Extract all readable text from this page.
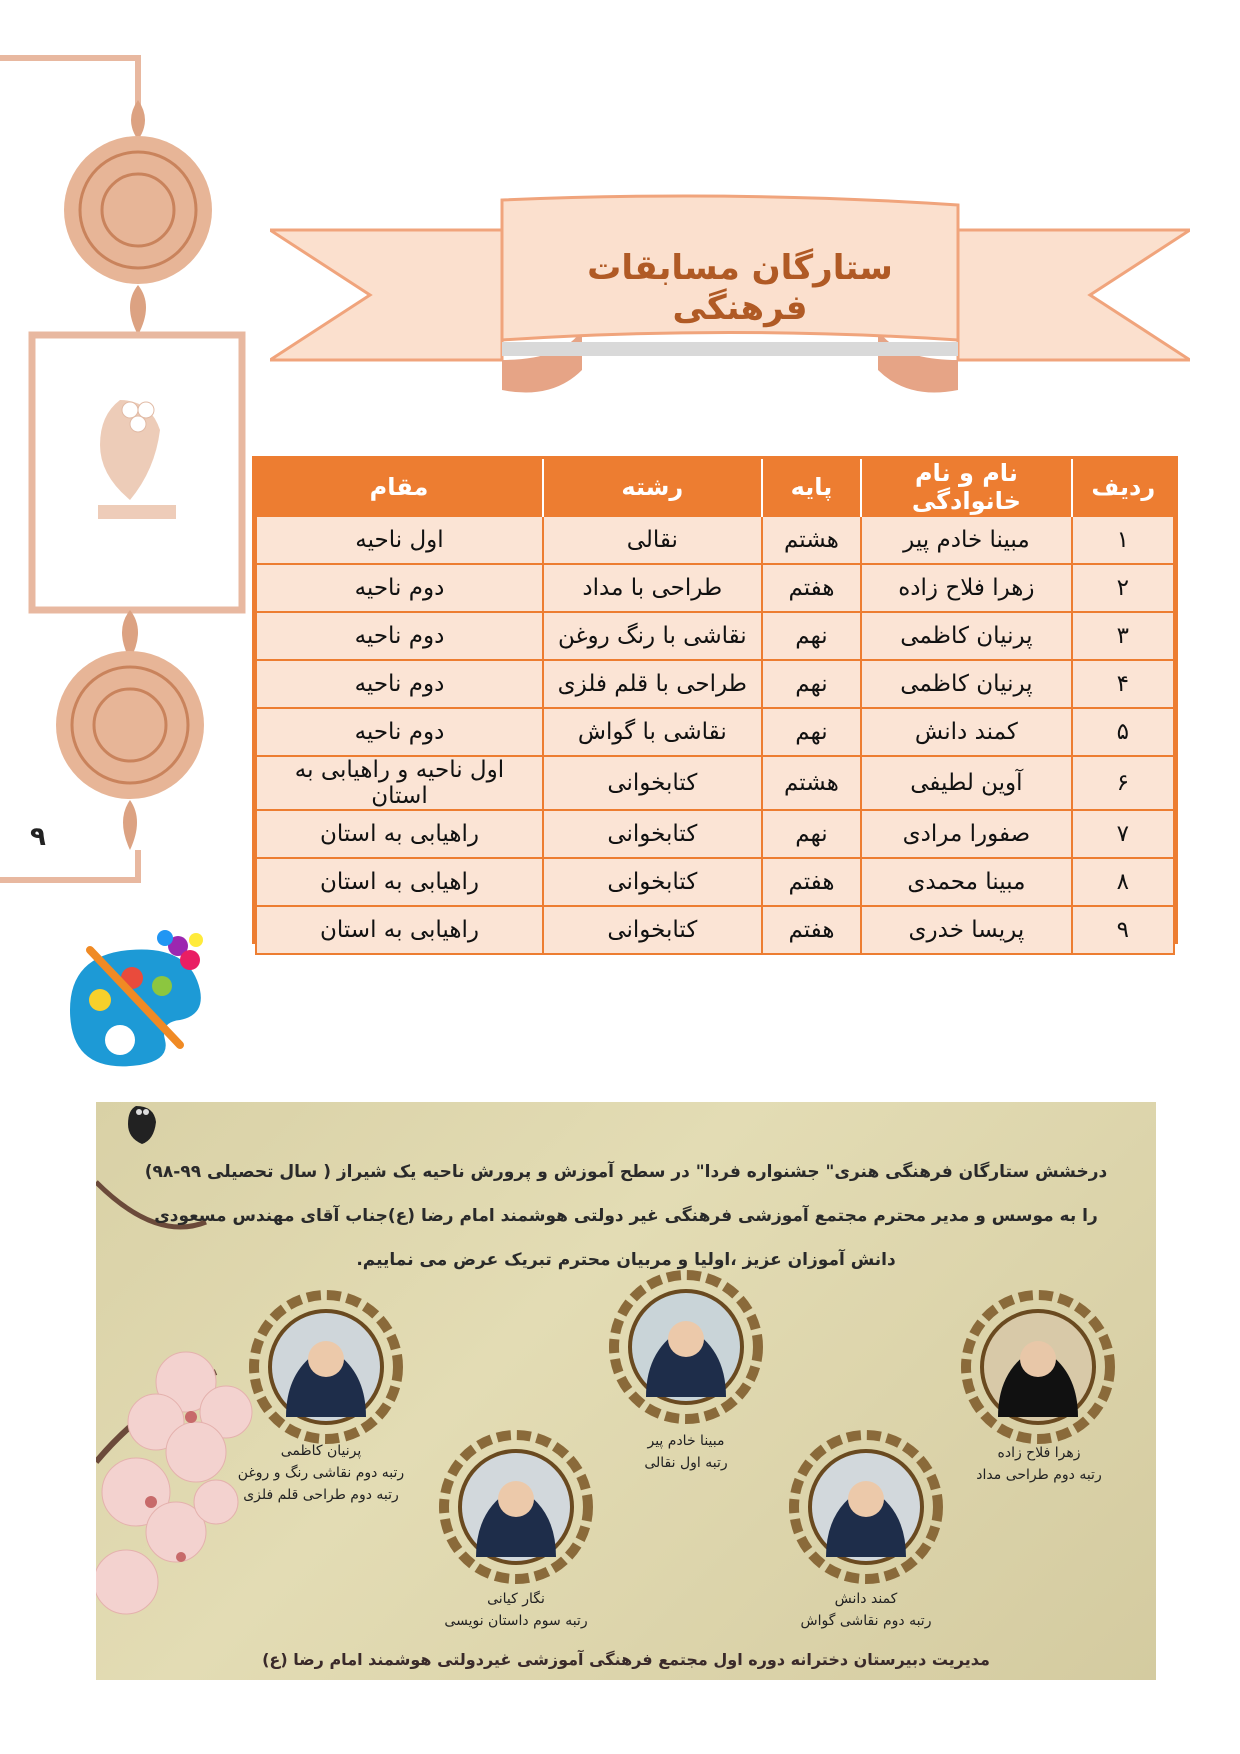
۹
ستارگان مسابقات فرهنگی
ردیف	نام و نام خانوادگی	پایه	رشته	مقام
۱	مبینا خادم پیر	هشتم	نقالی	اول ناحیه
۲	زهرا فلاح زاده	هفتم	طراحی با مداد	دوم ناحیه
۳	پرنیان کاظمی	نهم	نقاشی با رنگ روغن	دوم ناحیه
۴	پرنیان کاظمی	نهم	طراحی با قلم فلزی	دوم ناحیه
۵	کمند دانش	نهم	نقاشی با گواش	دوم ناحیه
۶	آوین لطیفی	هشتم	کتابخوانی	اول ناحیه و راهیابی به استان
۷	صفورا مرادی	نهم	کتابخوانی	راهیابی به استان
۸	مبینا محمدی	هفتم	کتابخوانی	راهیابی به استان
۹	پریسا خدری	هفتم	کتابخوانی	راهیابی به استان
درخشش ستارگان فرهنگی هنری" جشنواره فردا" در سطح آموزش و پرورش ناحیه یک شیراز ( سال تحصیلی ۹۹-۹۸)
را به موسس و مدیر محترم مجتمع آموزشی فرهنگی غیر دولتی هوشمند امام رضا (ع)جناب آقای مهندس مسعودی
دانش آموزان عزیز ،اولیا و مربیان محترم تبریک عرض می نماییم.
زهرا فلاح زاده
رتبه دوم طراحی مداد
مبینا خادم پیر
رتبه اول نقالی
پرنیان کاظمی
رتبه دوم نقاشی رنگ و روغن
رتبه دوم طراحی قلم فلزی
کمند دانش
رتبه دوم نقاشی گواش
نگار کیانی
رتبه سوم داستان نویسی
مدیریت دبیرستان دخترانه دوره اول مجتمع فرهنگی آموزشی غیردولتی هوشمند امام رضا (ع)
